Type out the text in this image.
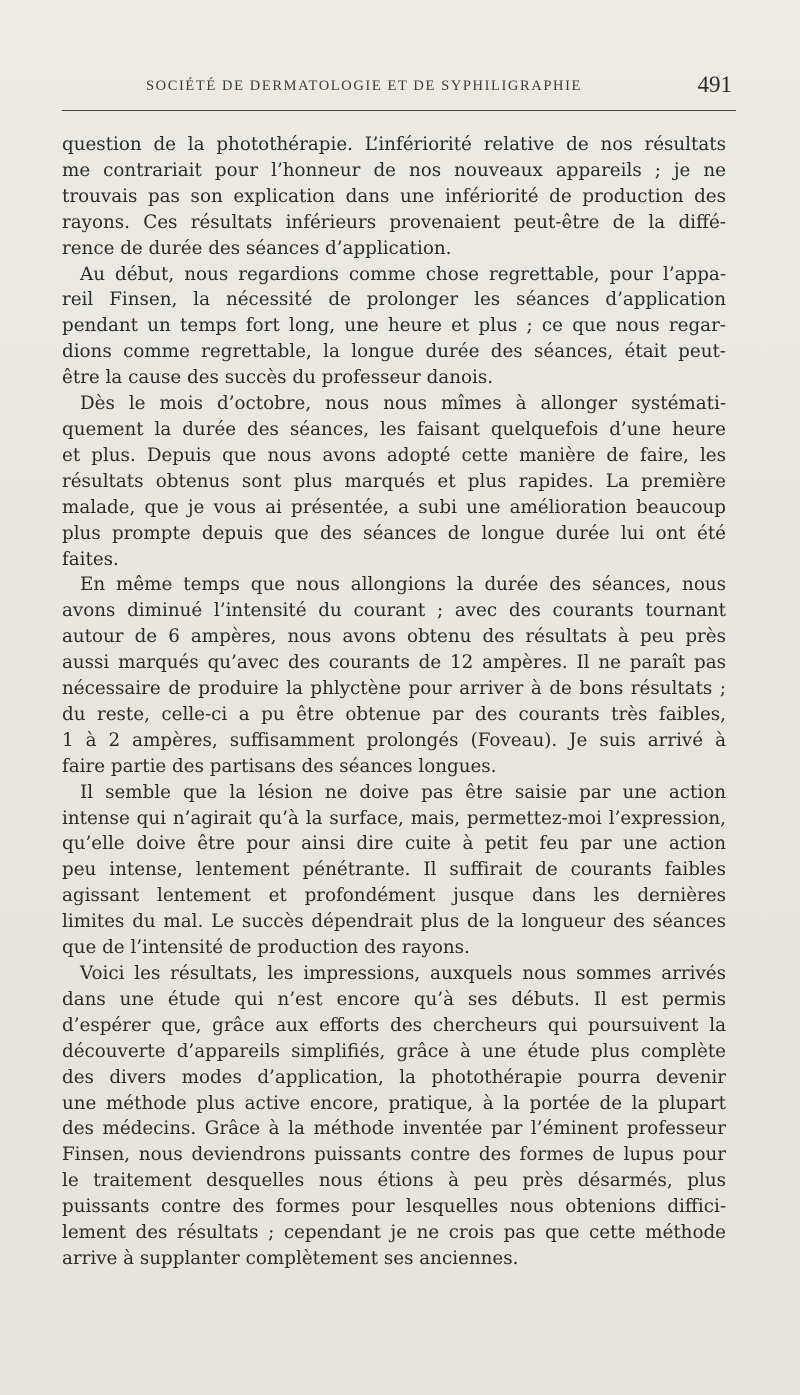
SOCIÉTÉ DE DERMATOLOGIE ET DE SYPHILIGRAPHIE	491

question de la photothérapie. L’infériorité relative de nos résultats
me contrariait pour l’honneur de nos nouveaux appareils ; je ne
trouvais pas son explication dans une infériorité de production des
rayons. Ces résultats inférieurs provenaient peut-être de la diffé-
rence de durée des séances d’application.

Au début, nous regardions comme chose regrettable, pour l’appa-
reil Finsen, la nécessité de prolonger les séances d’application
pendant un temps fort long, une heure et plus ; ce que nous regar-
dions comme regrettable, la longue durée des séances, était peut-
être la cause des succès du professeur danois.

Dès le mois d’octobre, nous nous mîmes à allonger systémati-
quement la durée des séances, les faisant quelquefois d’une heure
et plus. Depuis que nous avons adopté cette manière de faire, les
résultats obtenus sont plus marqués et plus rapides. La première
malade, que je vous ai présentée, a subi une amélioration beaucoup
plus prompte depuis que des séances de longue durée lui ont été
faites.

En même temps que nous allongions la durée des séances, nous
avons diminué l’intensité du courant ; avec des courants tournant
autour de 6 ampères, nous avons obtenu des résultats à peu près
aussi marqués qu’avec des courants de 12 ampères. Il ne paraît pas
nécessaire de produire la phlyctène pour arriver à de bons résultats ;
du reste, celle-ci a pu être obtenue par des courants très faibles,
1 à 2 ampères, suffisamment prolongés (Foveau). Je suis arrivé à
faire partie des partisans des séances longues.

Il semble que la lésion ne doive pas être saisie par une action
intense qui n’agirait qu’à la surface, mais, permettez-moi l’expression,
qu’elle doive être pour ainsi dire cuite à petit feu par une action
peu intense, lentement pénétrante. Il suffirait de courants faibles
agissant lentement et profondément jusque dans les dernières
limites du mal. Le succès dépendrait plus de la longueur des séances
que de l’intensité de production des rayons.

Voici les résultats, les impressions, auxquels nous sommes arrivés
dans une étude qui n’est encore qu’à ses débuts. Il est permis
d’espérer que, grâce aux efforts des chercheurs qui poursuivent la
découverte d’appareils simplifiés, grâce à une étude plus complète
des divers modes d’application, la photothérapie pourra devenir
une méthode plus active encore, pratique, à la portée de la plupart
des médecins. Grâce à la méthode inventée par l’éminent professeur
Finsen, nous deviendrons puissants contre des formes de lupus pour
le traitement desquelles nous étions à peu près désarmés, plus
puissants contre des formes pour lesquelles nous obtenions diffici-
lement des résultats ; cependant je ne crois pas que cette méthode
arrive à supplanter complètement ses anciennes.
